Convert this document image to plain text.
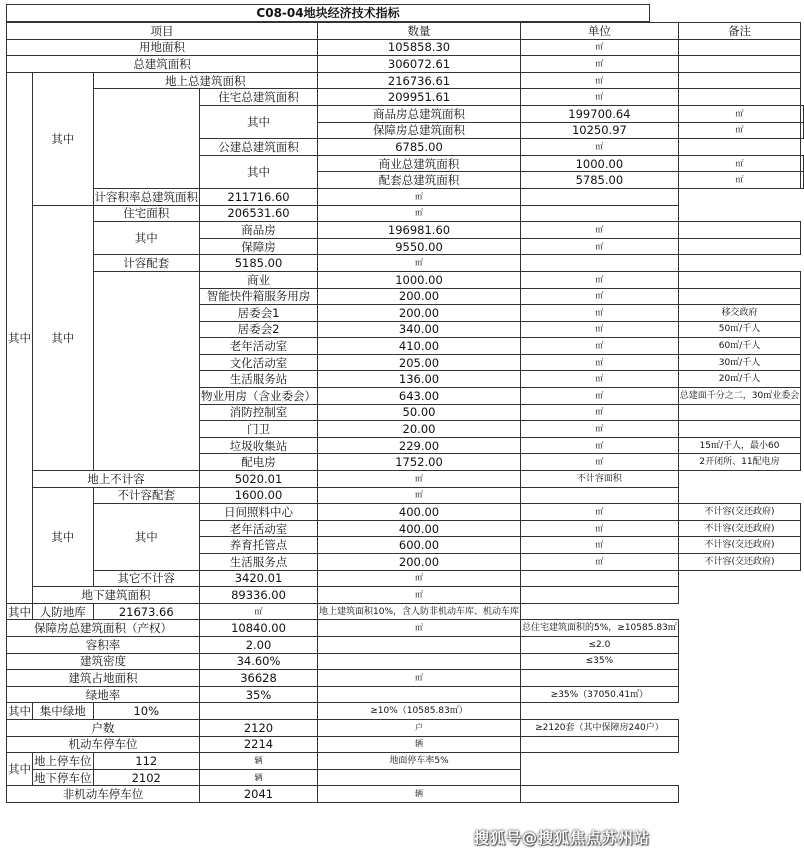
C08-04地块经济技术指标
项目				数量	单位	备注	
用地面积				105858.30	㎡		
总建筑面积				306072.61	㎡		
其中	其中	地上总建筑面积		216736.61	㎡		
			住宅总建筑面积	209951.61	㎡		
			其中	商品房总建筑面积	199700.64	㎡	
				保障房总建筑面积	10250.97	㎡	
			公建总建筑面积	6785.00	㎡		
			其中	商业总建筑面积	1000.00	㎡	
				配套总建筑面积	5785.00	㎡	
		计容积率总建筑面积	211716.60	㎡			
	其中	住宅面积	206531.60	㎡			
		其中	商品房	196981.60	㎡		
			保障房	9550.00	㎡		
		计容配套	5185.00	㎡			
			商业	1000.00	㎡		
			智能快件箱服务用房	200.00	㎡		
			居委会1	200.00	㎡	移交政府	
			居委会2	340.00	㎡	50㎡/千人	
			老年活动室	410.00	㎡	60㎡/千人	
			文化活动室	205.00	㎡	30㎡/千人	
			生活服务站	136.00	㎡	20㎡/千人	
			物业用房（含业委会）	643.00	㎡	总建面千分之二，30㎡业委会	
			消防控制室	50.00	㎡		
			门卫	20.00	㎡		
			垃圾收集站	229.00	㎡	15㎡/千人，最小60	
			配电房	1752.00	㎡	2开闭所、11配电房	
	地上不计容		5020.01	㎡	不计容面积		
	其中	不计容配套	1600.00	㎡			
		其中	日间照料中心	400.00	㎡	不计容(交还政府)	
			老年活动室	400.00	㎡	不计容(交还政府)	
			养育托管点	600.00	㎡	不计容(交还政府)	
			生活服务点	200.00	㎡	不计容(交还政府)	
		其它不计容	3420.01	㎡			
	地下建筑面积		89336.00	㎡			
其中	人防地库	21673.66	㎡	地上建筑面积10%，含人防非机动车库、机动车库			
保障房总建筑面积（产权）			10840.00	㎡	总住宅建筑面积的5%，≥10585.83㎡		
容积率			2.00		≤2.0		
建筑密度			34.60%		≤35%		
建筑占地面积			36628	㎡			
绿地率			35%		≥35%（37050.41㎡）		
其中	集中绿地	10%		≥10%（10585.83㎡）			
户数			2120	户	≥2120套（其中保障房240户）		
机动车停车位			2214	辆			
其中	地上停车位	112	辆	地面停车率5%			
	地下停车位	2102	辆				
非机动车停车位			2041	辆			
搜狐号@搜狐焦点苏州站
